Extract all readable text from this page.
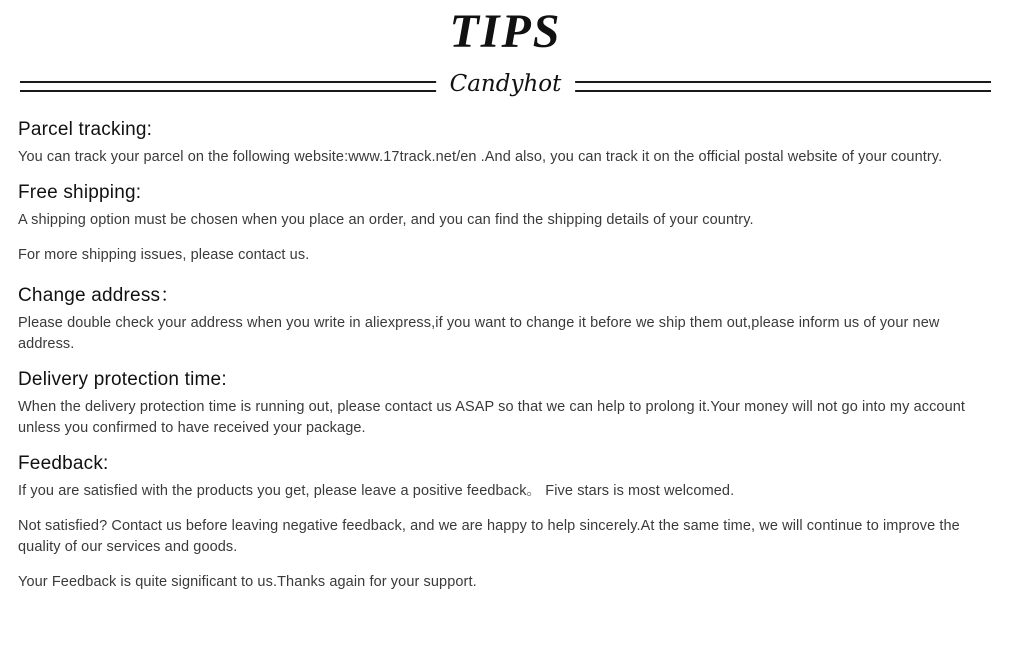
TIPS
Candyhot
Parcel tracking:

You can track your parcel on the following website:www.17track.net/en .And also, you can track it on the official postal website of your country.

Free shipping:

A shipping option must be chosen when you place an order, and you can find the shipping details of your country.

For more shipping issues, please contact us.

Change address：

Please double check your address when you write in aliexpress,if you want to change it before we ship them out,please inform us of your new address.

Delivery protection time:

When the delivery protection time is running out, please contact us ASAP so that we can help to prolong it.Your money will not go into my account unless you confirmed to have received your package.

Feedback:

If you are satisfied with the products you get, please leave a positive feedback。 Five stars is most welcomed.

Not satisfied? Contact us before leaving negative feedback, and we are happy to help sincerely.At the same time, we will continue to improve the quality of our services and goods.

Your Feedback is quite significant to us.Thanks again for your support.
